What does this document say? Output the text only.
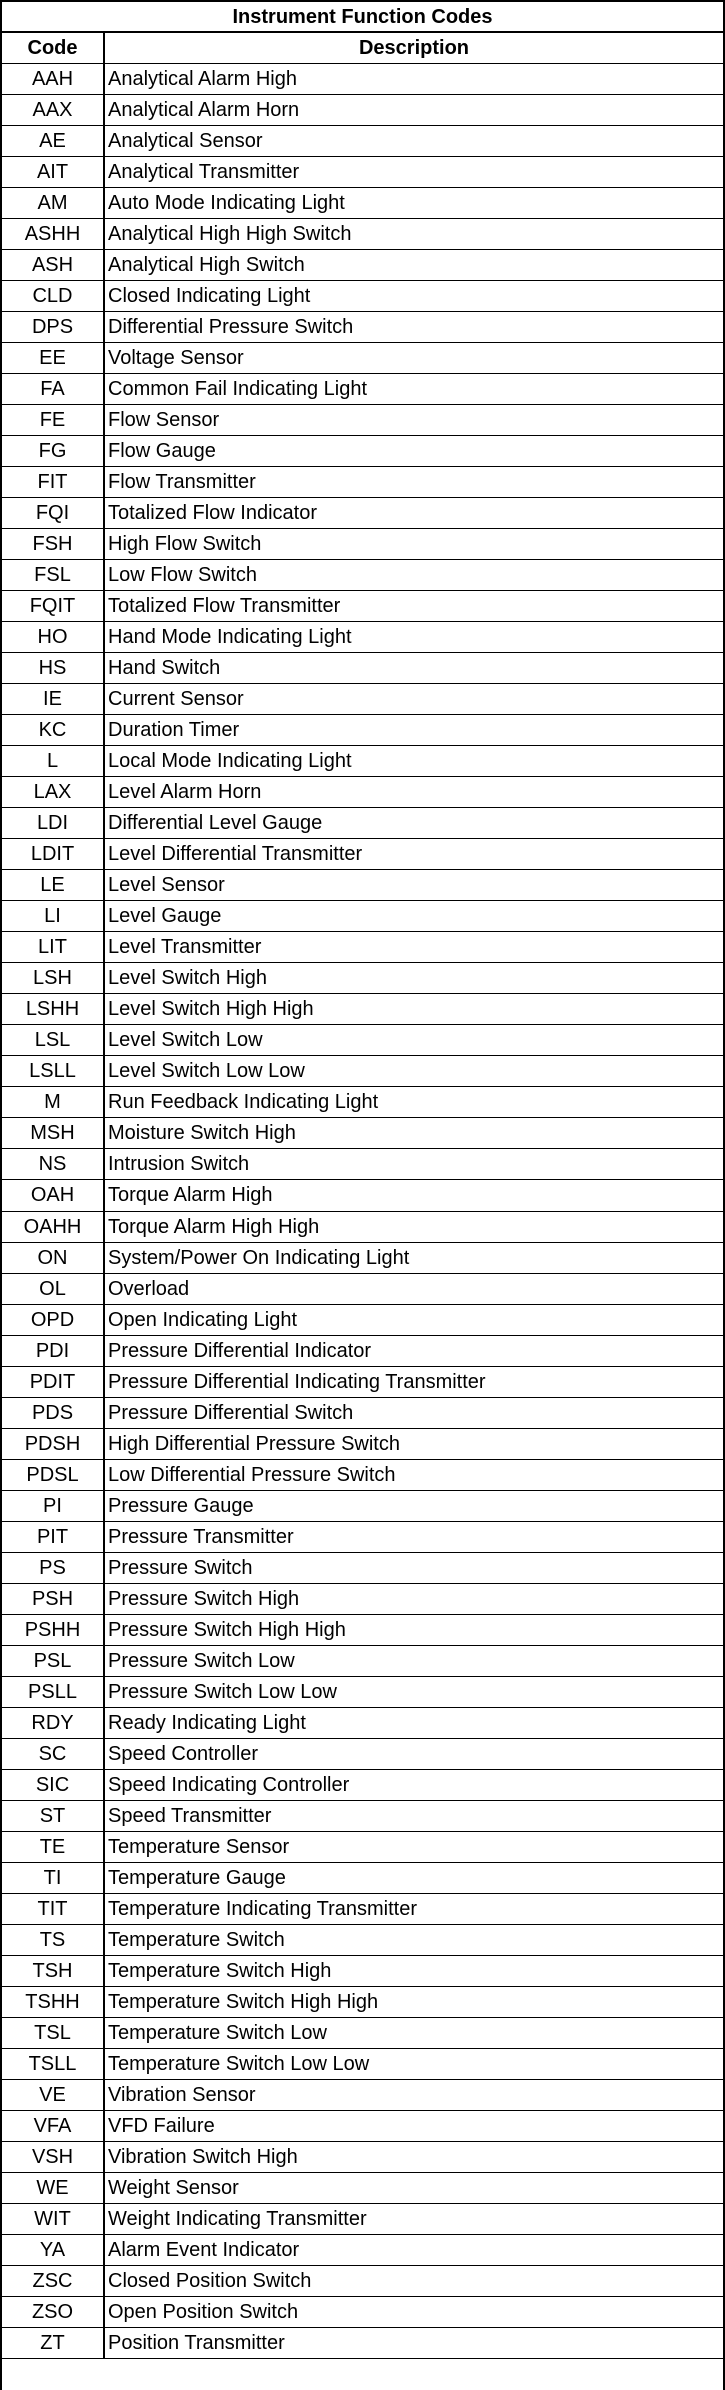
Instrument Function Codes
Code	Description
AAH	Analytical Alarm High
AAX	Analytical Alarm Horn
AE	Analytical Sensor
AIT	Analytical Transmitter
AM	Auto Mode Indicating Light
ASHH	Analytical High High Switch
ASH	Analytical High Switch
CLD	Closed Indicating Light
DPS	Differential Pressure Switch
EE	Voltage Sensor
FA	Common Fail Indicating Light
FE	Flow Sensor
FG	Flow Gauge
FIT	Flow Transmitter
FQI	Totalized Flow Indicator
FSH	High Flow Switch
FSL	Low Flow Switch
FQIT	Totalized Flow Transmitter
HO	Hand Mode Indicating Light
HS	Hand Switch
IE	Current Sensor
KC	Duration Timer
L	Local Mode Indicating Light
LAX	Level Alarm Horn
LDI	Differential Level Gauge
LDIT	Level Differential Transmitter
LE	Level Sensor
LI	Level Gauge
LIT	Level Transmitter
LSH	Level Switch High
LSHH	Level Switch High High
LSL	Level Switch Low
LSLL	Level Switch Low Low
M	Run Feedback Indicating Light
MSH	Moisture Switch High
NS	Intrusion Switch
OAH	Torque Alarm High
OAHH	Torque Alarm High High
ON	System/Power On Indicating Light
OL	Overload
OPD	Open Indicating Light
PDI	Pressure Differential Indicator
PDIT	Pressure Differential Indicating Transmitter
PDS	Pressure Differential Switch
PDSH	High Differential Pressure Switch
PDSL	Low Differential Pressure Switch
PI	Pressure Gauge
PIT	Pressure Transmitter
PS	Pressure Switch
PSH	Pressure Switch High
PSHH	Pressure Switch High High
PSL	Pressure Switch Low
PSLL	Pressure Switch Low Low
RDY	Ready Indicating Light
SC	Speed Controller
SIC	Speed Indicating Controller
ST	Speed Transmitter
TE	Temperature Sensor
TI	Temperature Gauge
TIT	Temperature Indicating Transmitter
TS	Temperature Switch
TSH	Temperature Switch High
TSHH	Temperature Switch High High
TSL	Temperature Switch Low
TSLL	Temperature Switch Low Low
VE	Vibration Sensor
VFA	VFD Failure
VSH	Vibration Switch High
WE	Weight Sensor
WIT	Weight Indicating Transmitter
YA	Alarm Event Indicator
ZSC	Closed Position Switch
ZSO	Open Position Switch
ZT	Position Transmitter
